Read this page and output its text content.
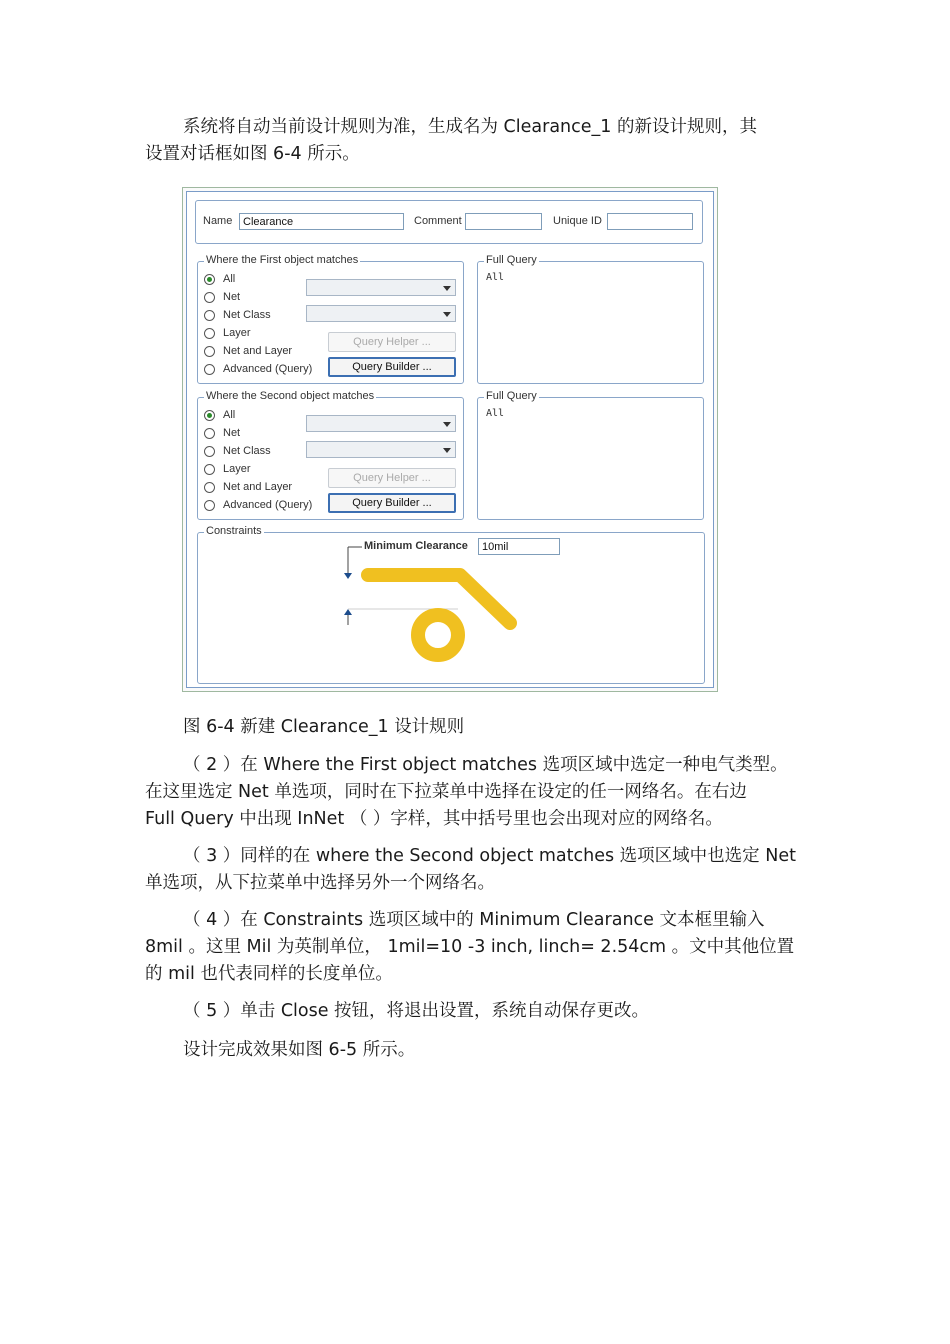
系统将自动当前设计规则为准，生成名为 Clearance_1 的新设计规则，其
设置对话框如图 6-4 所示。
Name Clearance	Comment	Unique ID
Where the First object matches
All
Net
Net Class
Layer
Net and Layer
Advanced (Query)
Query Helper ...
Query Builder ...
Full Query
All
Where the Second object matches
All
Net
Net Class
Layer
Net and Layer
Advanced (Query)
Query Helper ...
Query Builder ...
Full Query
All
Constraints
Minimum Clearance	10mil
图 6-4 新建 Clearance_1 设计规则
（ 2 ）在 Where the First object matches 选项区域中选定一种电气类型。
在这里选定 Net 单选项，同时在下拉菜单中选择在设定的任一网络名。在右边
Full Query 中出现 InNet （ ）字样，其中括号里也会出现对应的网络名。
（ 3 ）同样的在 where the Second object matches 选项区域中也选定 Net
单选项，从下拉菜单中选择另外一个网络名。
（ 4 ）在 Constraints 选项区域中的 Minimum Clearance 文本框里输入
8mil 。这里 Mil 为英制单位， 1mil=10 -3 inch, linch= 2.54cm 。文中其他位置
的 mil 也代表同样的长度单位。
（ 5 ）单击 Close 按钮，将退出设置，系统自动保存更改。
设计完成效果如图 6-5 所示。
